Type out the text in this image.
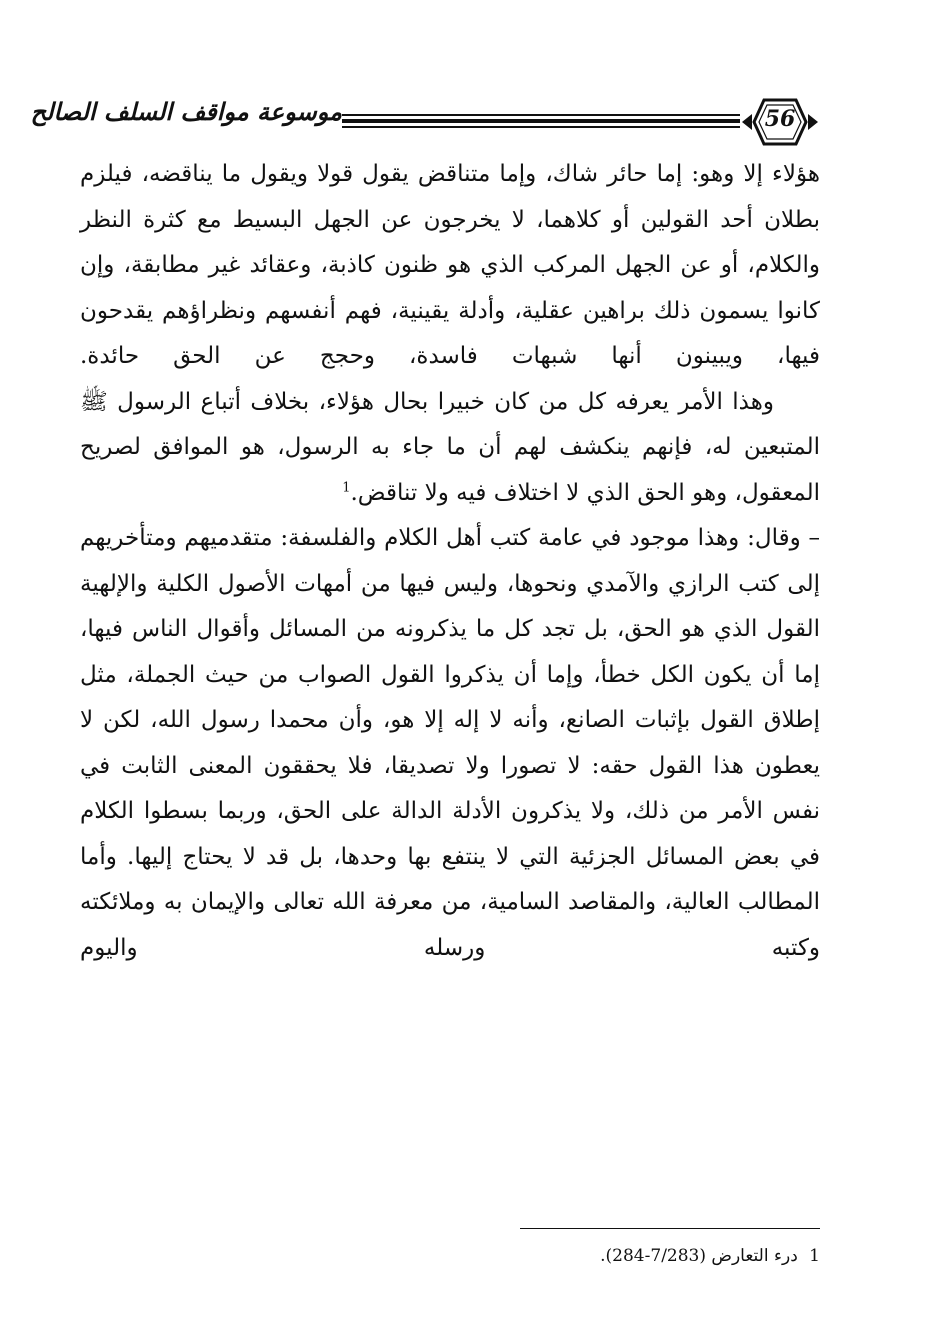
موسوعة مواقف السلف الصالح	56

هؤلاء إلا وهو: إما حائر شاك، وإما متناقض يقول قولا ويقول ما يناقضه، فيلزم بطلان أحد القولين أو كلاهما، لا يخرجون عن الجهل البسيط مع كثرة النظر والكلام، أو عن الجهل المركب الذي هو ظنون كاذبة، وعقائد غير مطابقة، وإن كانوا يسمون ذلك براهين عقلية، وأدلة يقينية، فهم أنفسهم ونظراؤهم يقدحون فيها، ويبينون أنها شبهات فاسدة، وحجج عن الحق حائدة.

  وهذا الأمر يعرفه كل من كان خبيرا بحال هؤلاء، بخلاف أتباع الرسول ﷺ المتبعين له، فإنهم ينكشف لهم أن ما جاء به الرسول، هو الموافق لصريح المعقول، وهو الحق الذي لا اختلاف فيه ولا تناقض.$^1$

– وقال: وهذا موجود في عامة كتب أهل الكلام والفلسفة: متقدميهم ومتأخريهم إلى كتب الرازي والآمدي ونحوها، وليس فيها من أمهات الأصول الكلية والإلهية القول الذي هو الحق، بل تجد كل ما يذكرونه من المسائل وأقوال الناس فيها، إما أن يكون الكل خطأ، وإما أن يذكروا القول الصواب من حيث الجملة، مثل إطلاق القول بإثبات الصانع، وأنه لا إله إلا هو، وأن محمدا رسول الله، لكن لا يعطون هذا القول حقه: لا تصورا ولا تصديقا، فلا يحققون المعنى الثابت في نفس الأمر من ذلك، ولا يذكرون الأدلة الدالة على الحق، وربما بسطوا الكلام في بعض المسائل الجزئية التي لا ينتفع بها وحدها، بل قد لا يحتاج إليها. وأما المطالب العالية، والمقاصد السامية، من معرفة الله تعالى والإيمان به وملائكته وكتبه ورسله واليوم

1 درء التعارض (7/283-284).
